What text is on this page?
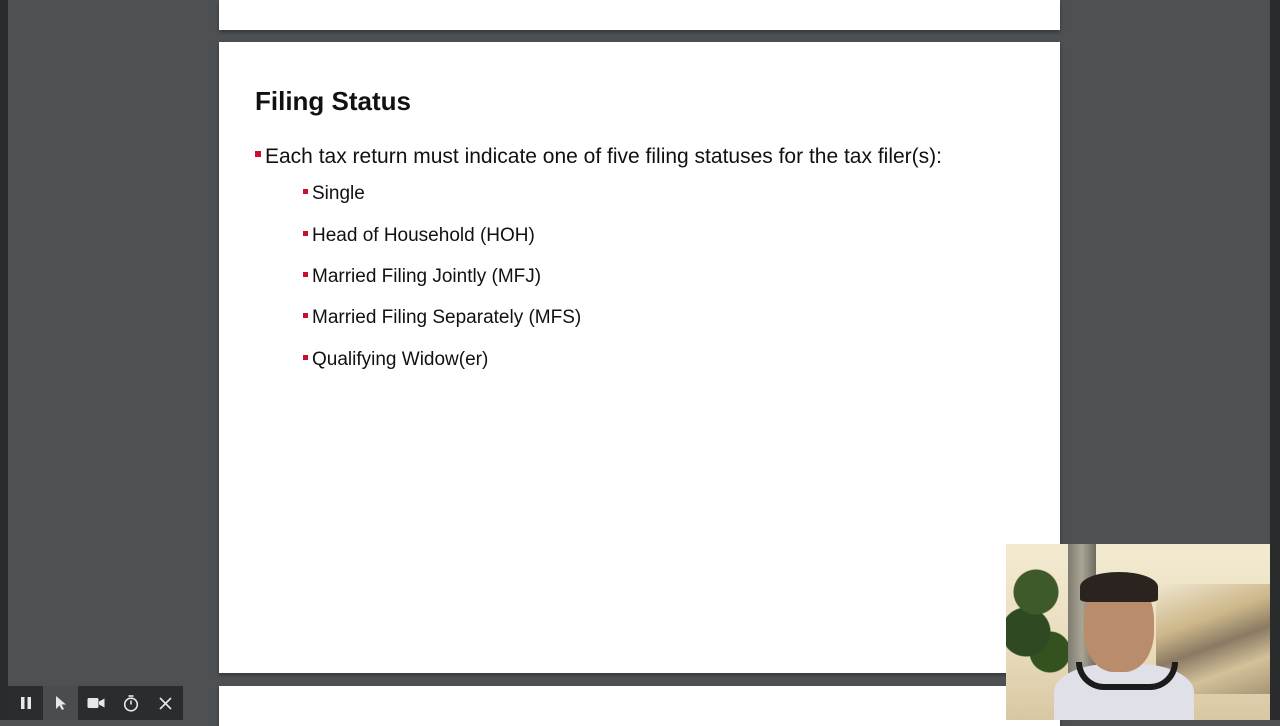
Filing Status
Each tax return must indicate one of five filing statuses for the tax filer(s):
Single
Head of Household (HOH)
Married Filing Jointly (MFJ)
Married Filing Separately (MFS)
Qualifying Widow(er)
